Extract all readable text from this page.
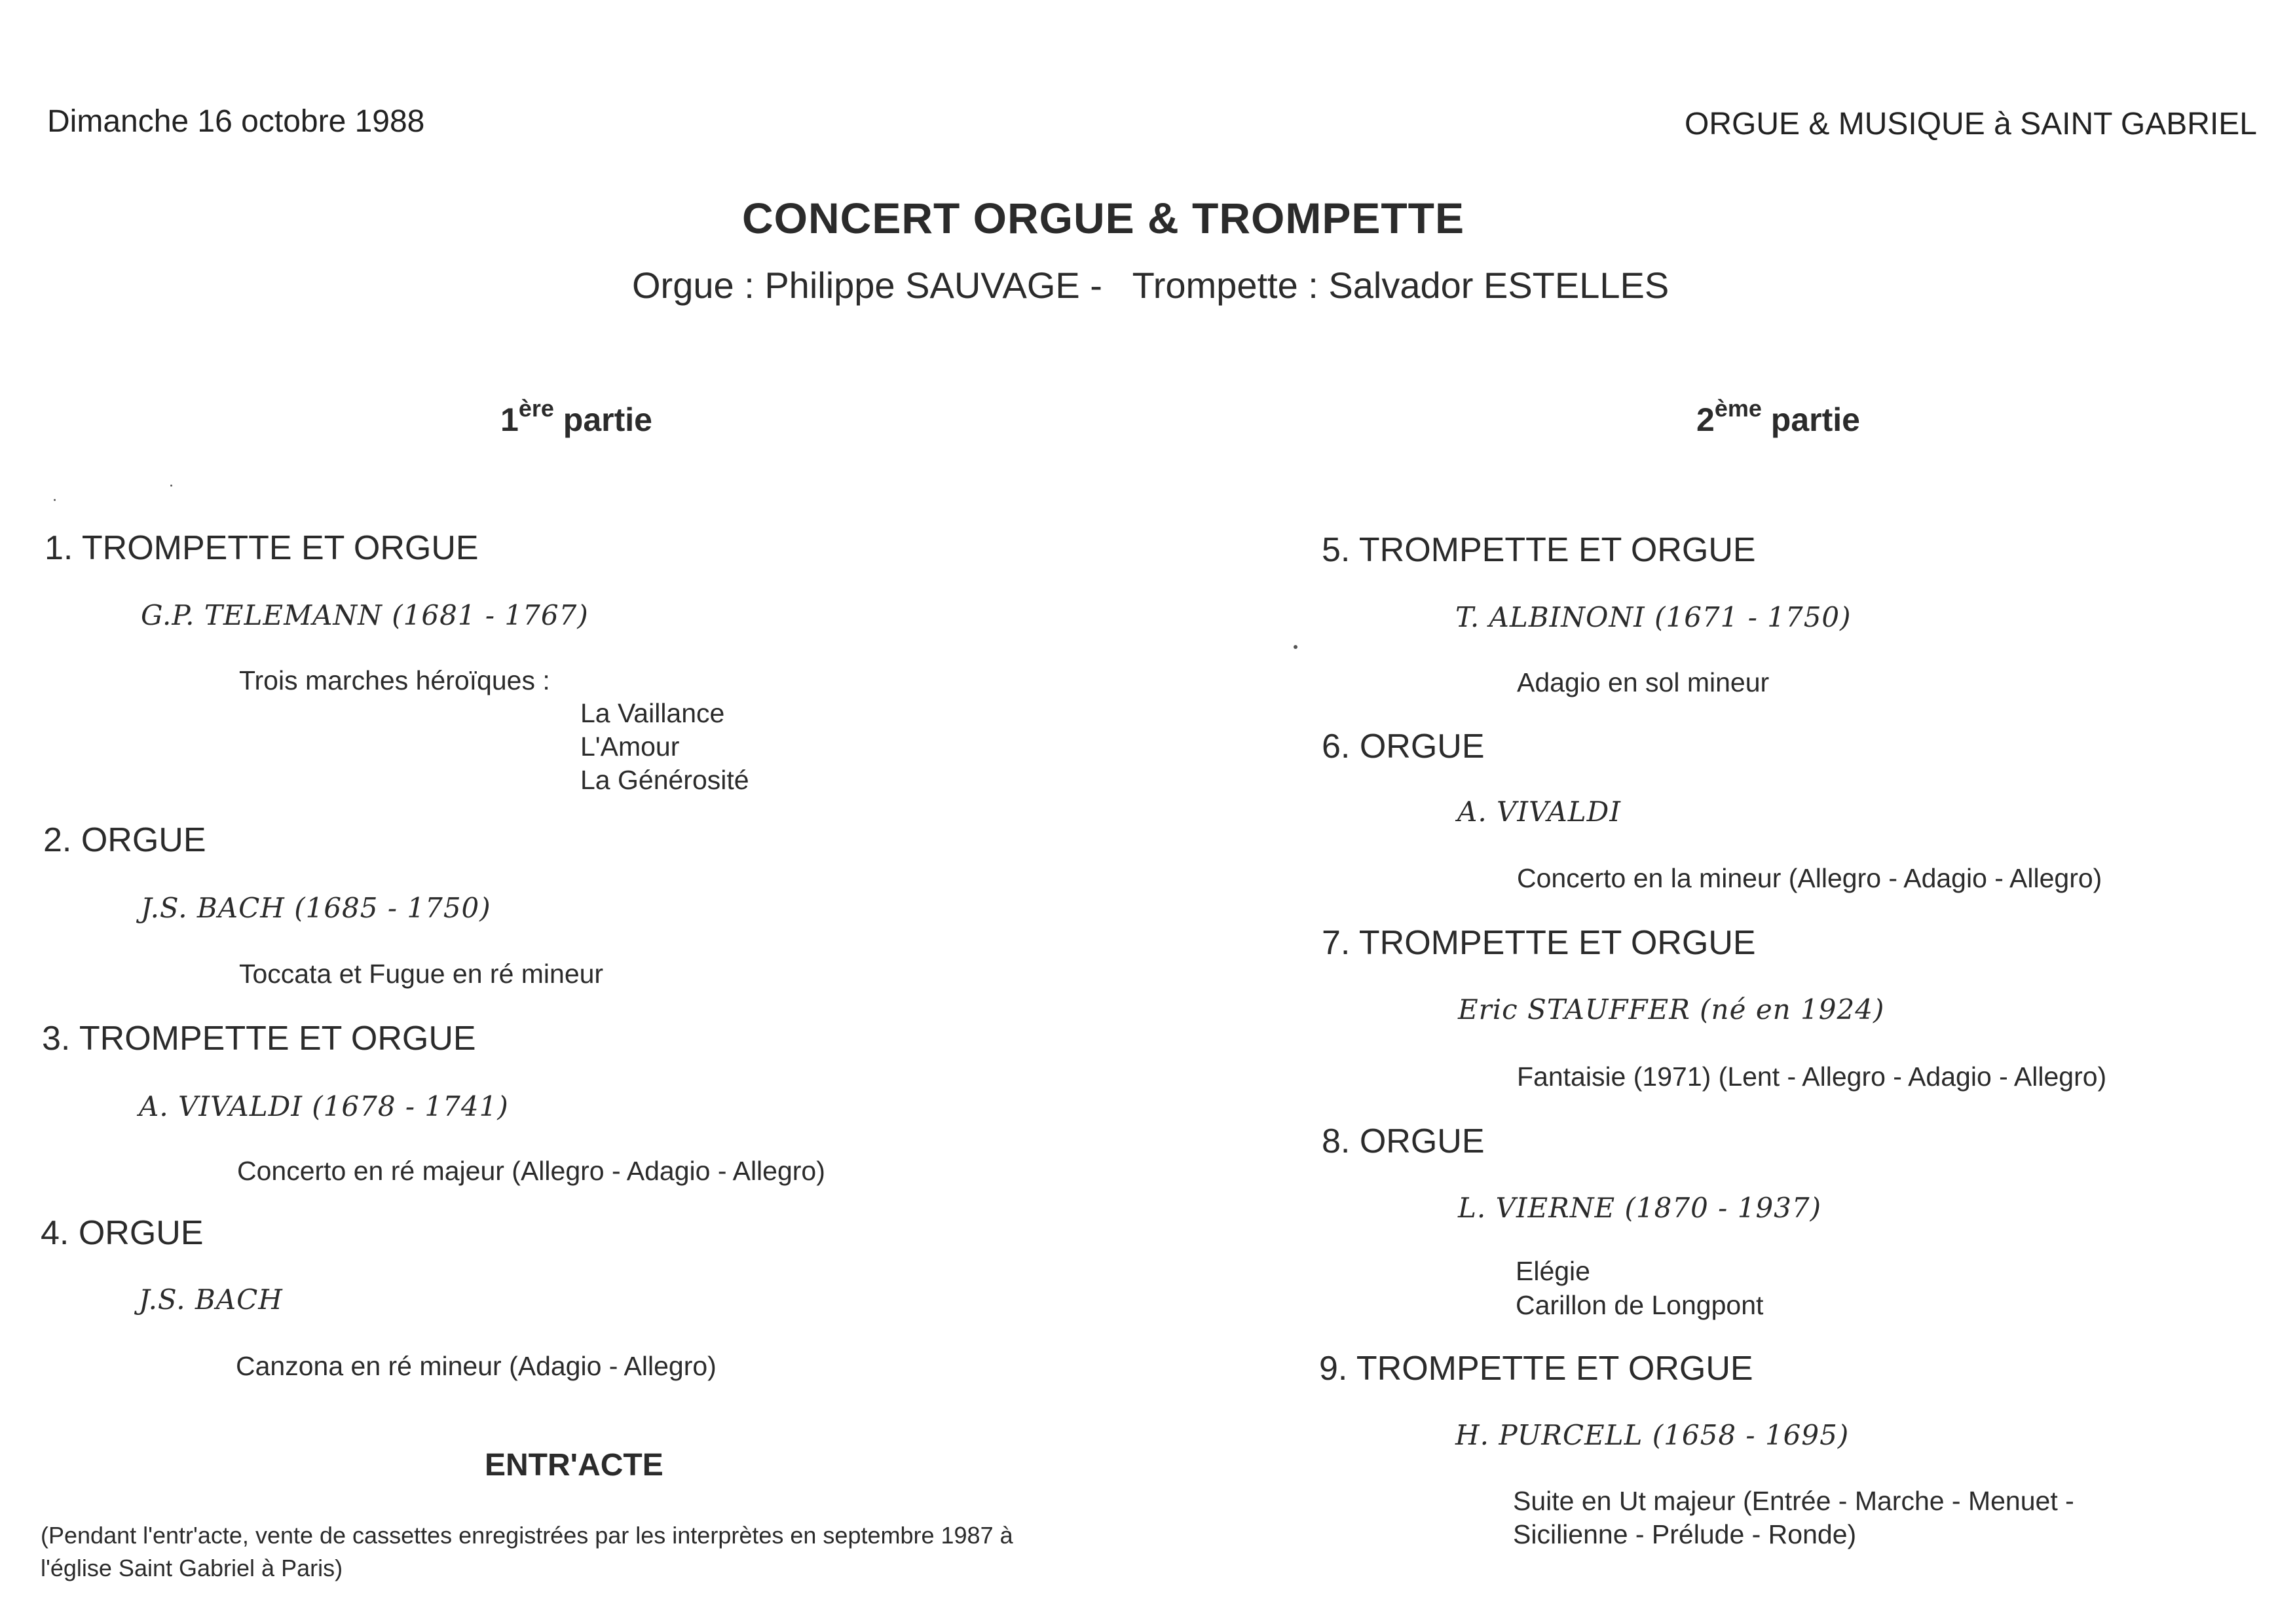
Dimanche 16 octobre 1988	ORGUE & MUSIQUE à SAINT GABRIEL
CONCERT ORGUE & TROMPETTE
Orgue : Philippe SAUVAGE -   Trompette : Salvador ESTELLES
1ère partie	2ème partie
1. TROMPETTE ET ORGUE
G.P. TELEMANN (1681 - 1767)
Trois marches héroïques :
La Vaillance
L'Amour
La Générosité
2. ORGUE
J.S. BACH (1685 - 1750)
Toccata et Fugue en ré mineur
3. TROMPETTE ET ORGUE
A. VIVALDI (1678 - 1741)
Concerto en ré majeur (Allegro - Adagio - Allegro)
4. ORGUE
J.S. BACH
Canzona en ré mineur (Adagio - Allegro)
ENTR'ACTE
(Pendant l'entr'acte, vente de cassettes enregistrées par les interprètes en septembre 1987 à l'église Saint Gabriel à Paris)
5. TROMPETTE ET ORGUE
T. ALBINONI (1671 - 1750)
Adagio en sol mineur
6. ORGUE
A. VIVALDI
Concerto en la mineur (Allegro - Adagio - Allegro)
7. TROMPETTE ET ORGUE
Eric STAUFFER (né en 1924)
Fantaisie (1971) (Lent - Allegro - Adagio - Allegro)
8. ORGUE
L. VIERNE (1870 - 1937)
Elégie
Carillon de Longpont
9. TROMPETTE ET ORGUE
H. PURCELL (1658 - 1695)
Suite en Ut majeur (Entrée - Marche - Menuet -
Sicilienne - Prélude - Ronde)
